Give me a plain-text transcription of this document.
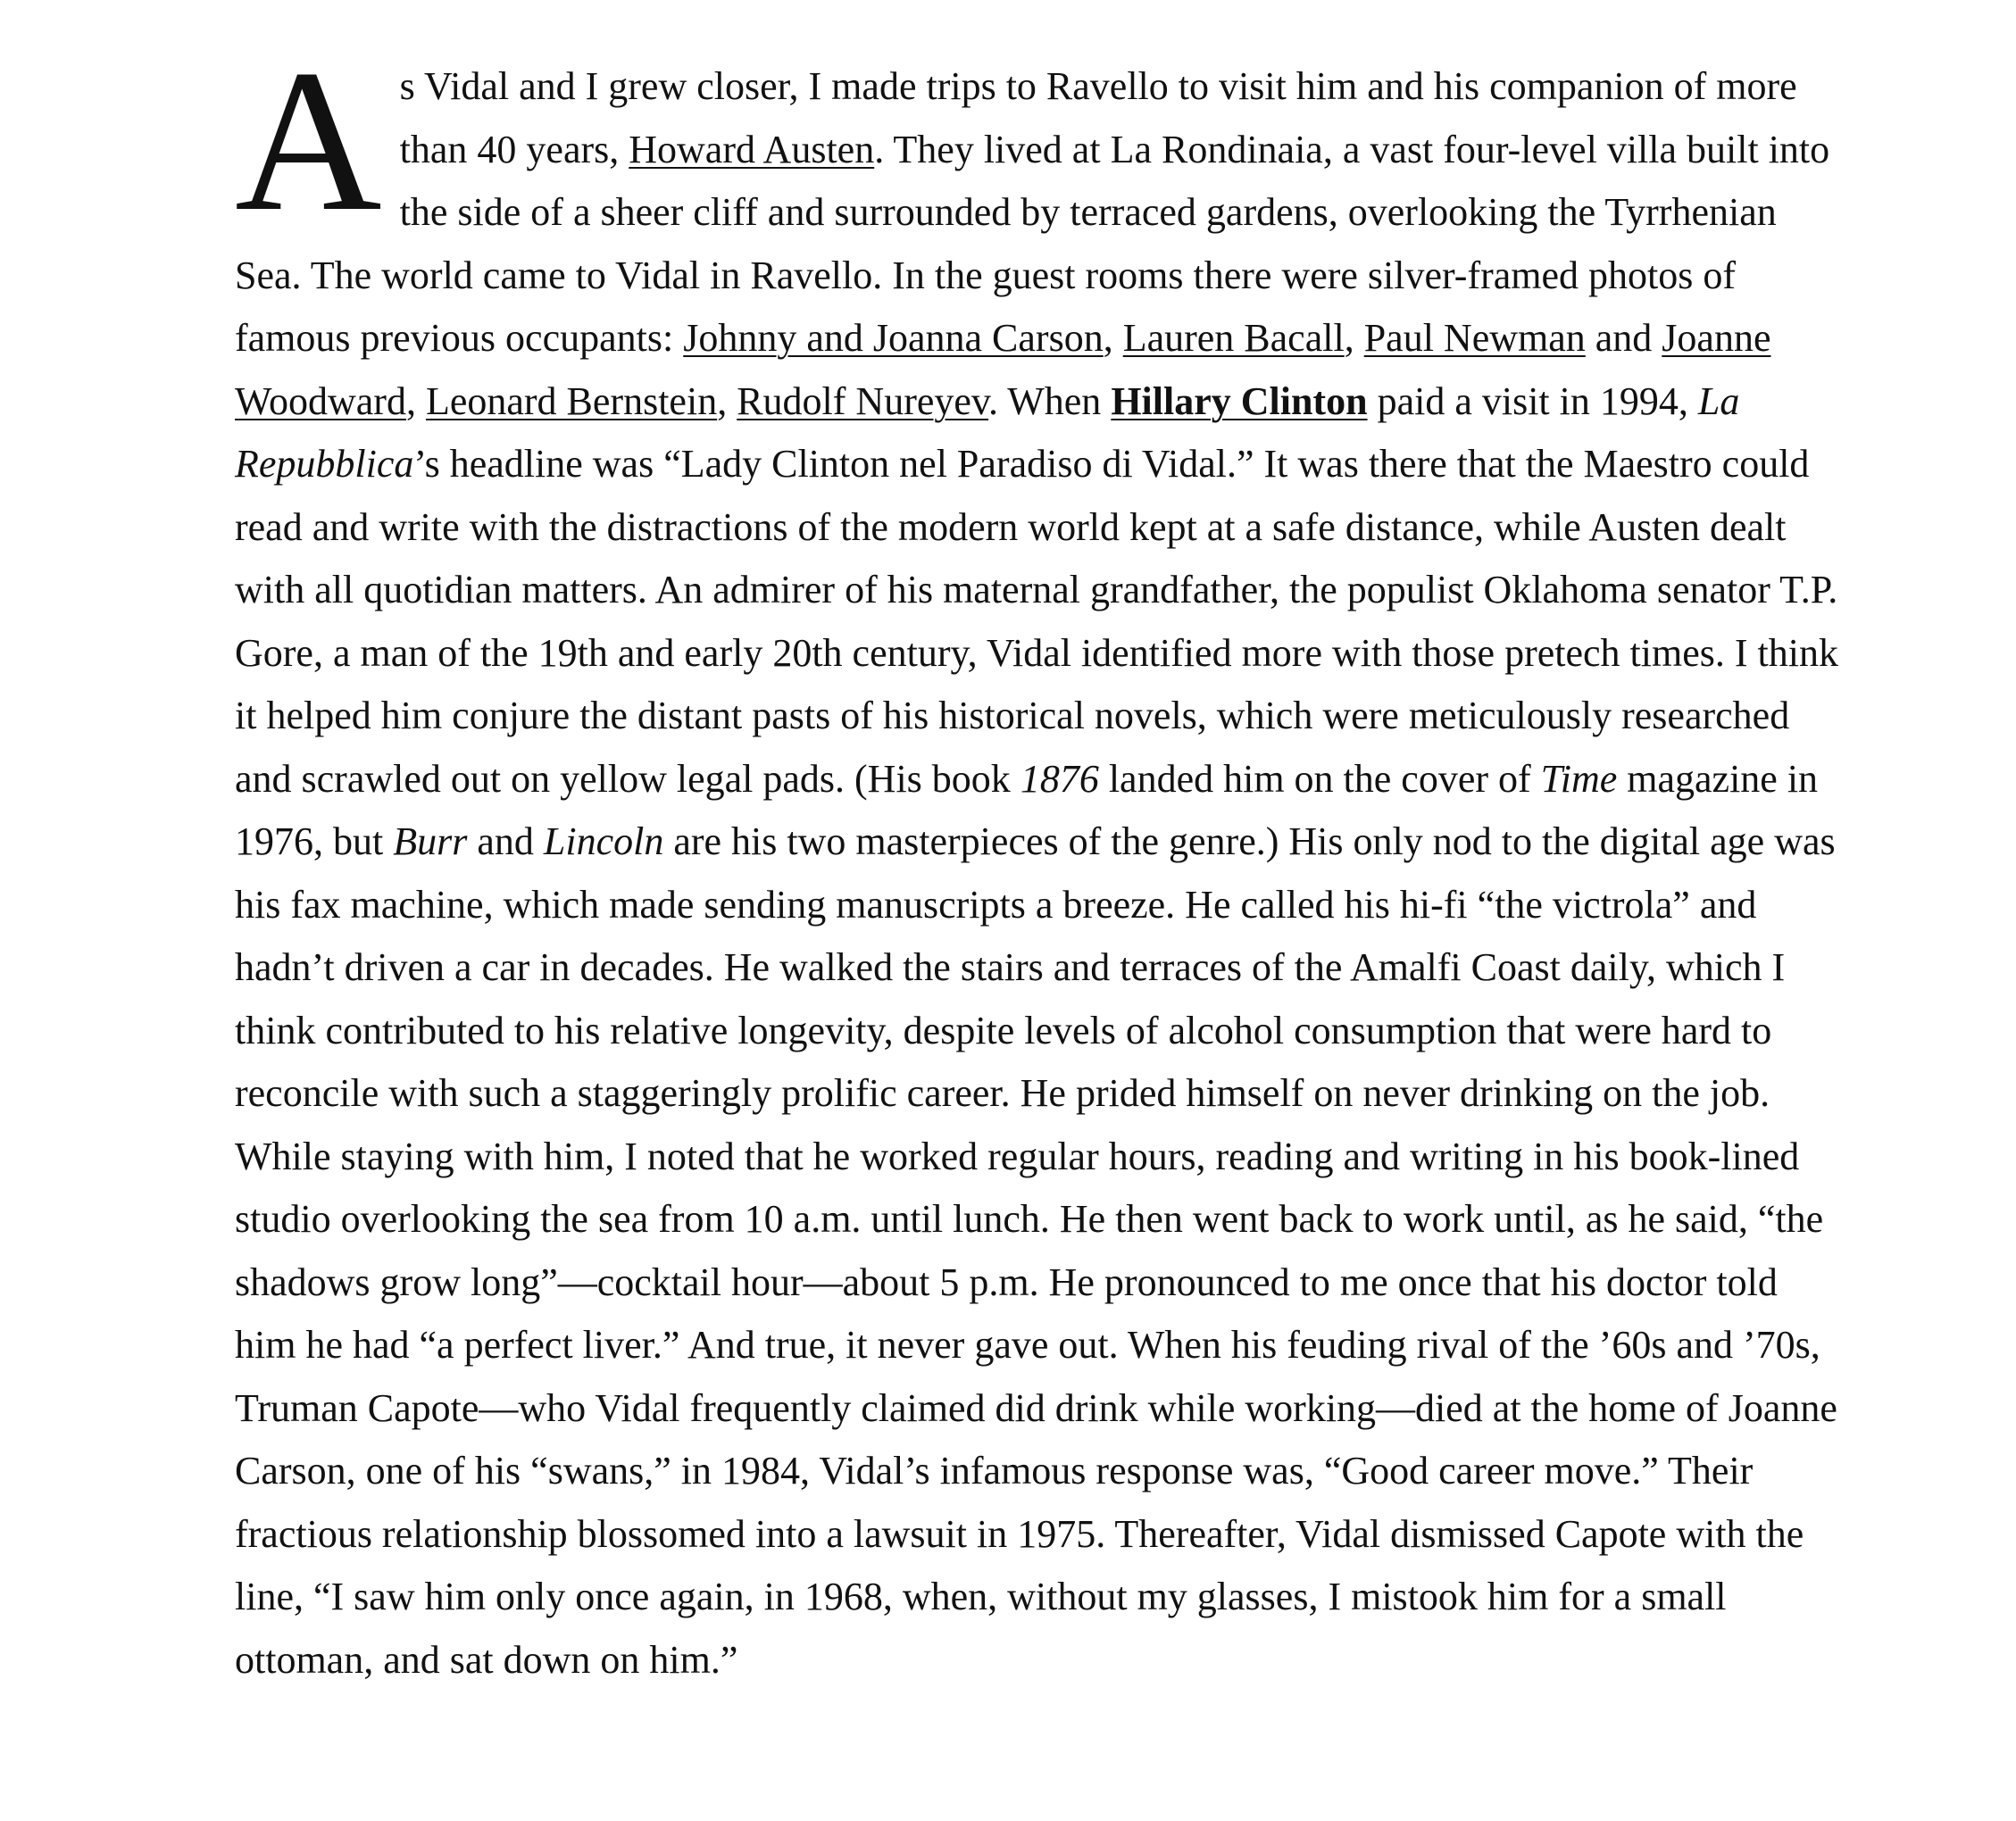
As Vidal and I grew closer, I made trips to Ravello to visit him and his companion of more than 40 years, Howard Austen. They lived at La Rondinaia, a vast four-level villa built into the side of a sheer cliff and surrounded by terraced gardens, overlooking the Tyrrhenian Sea. The world came to Vidal in Ravello. In the guest rooms there were silver-framed photos of famous previous occupants: Johnny and Joanna Carson, Lauren Bacall, Paul Newman and Joanne Woodward, Leonard Bernstein, Rudolf Nureyev. When Hillary Clinton paid a visit in 1994, La Repubblica’s headline was “Lady Clinton nel Paradiso di Vidal.” It was there that the Maestro could read and write with the distractions of the modern world kept at a safe distance, while Austen dealt with all quotidian matters. An admirer of his maternal grandfather, the populist Oklahoma senator T.P. Gore, a man of the 19th and early 20th century, Vidal identified more with those pretech times. I think it helped him conjure the distant pasts of his historical novels, which were meticulously researched and scrawled out on yellow legal pads. (His book 1876 landed him on the cover of Time magazine in 1976, but Burr and Lincoln are his two masterpieces of the genre.) His only nod to the digital age was his fax machine, which made sending manuscripts a breeze. He called his hi-fi “the victrola” and hadn’t driven a car in decades. He walked the stairs and terraces of the Amalfi Coast daily, which I think contributed to his relative longevity, despite levels of alcohol consumption that were hard to reconcile with such a staggeringly prolific career. He prided himself on never drinking on the job. While staying with him, I noted that he worked regular hours, reading and writing in his book-lined studio overlooking the sea from 10 a.m. until lunch. He then went back to work until, as he said, “the shadows grow long”—cocktail hour—about 5 p.m. He pronounced to me once that his doctor told him he had “a perfect liver.” And true, it never gave out. When his feuding rival of the ’60s and ’70s, Truman Capote—who Vidal frequently claimed did drink while working—died at the home of Joanne Carson, one of his “swans,” in 1984, Vidal’s infamous response was, “Good career move.” Their fractious relationship blossomed into a lawsuit in 1975. Thereafter, Vidal dismissed Capote with the line, “I saw him only once again, in 1968, when, without my glasses, I mistook him for a small ottoman, and sat down on him.”
